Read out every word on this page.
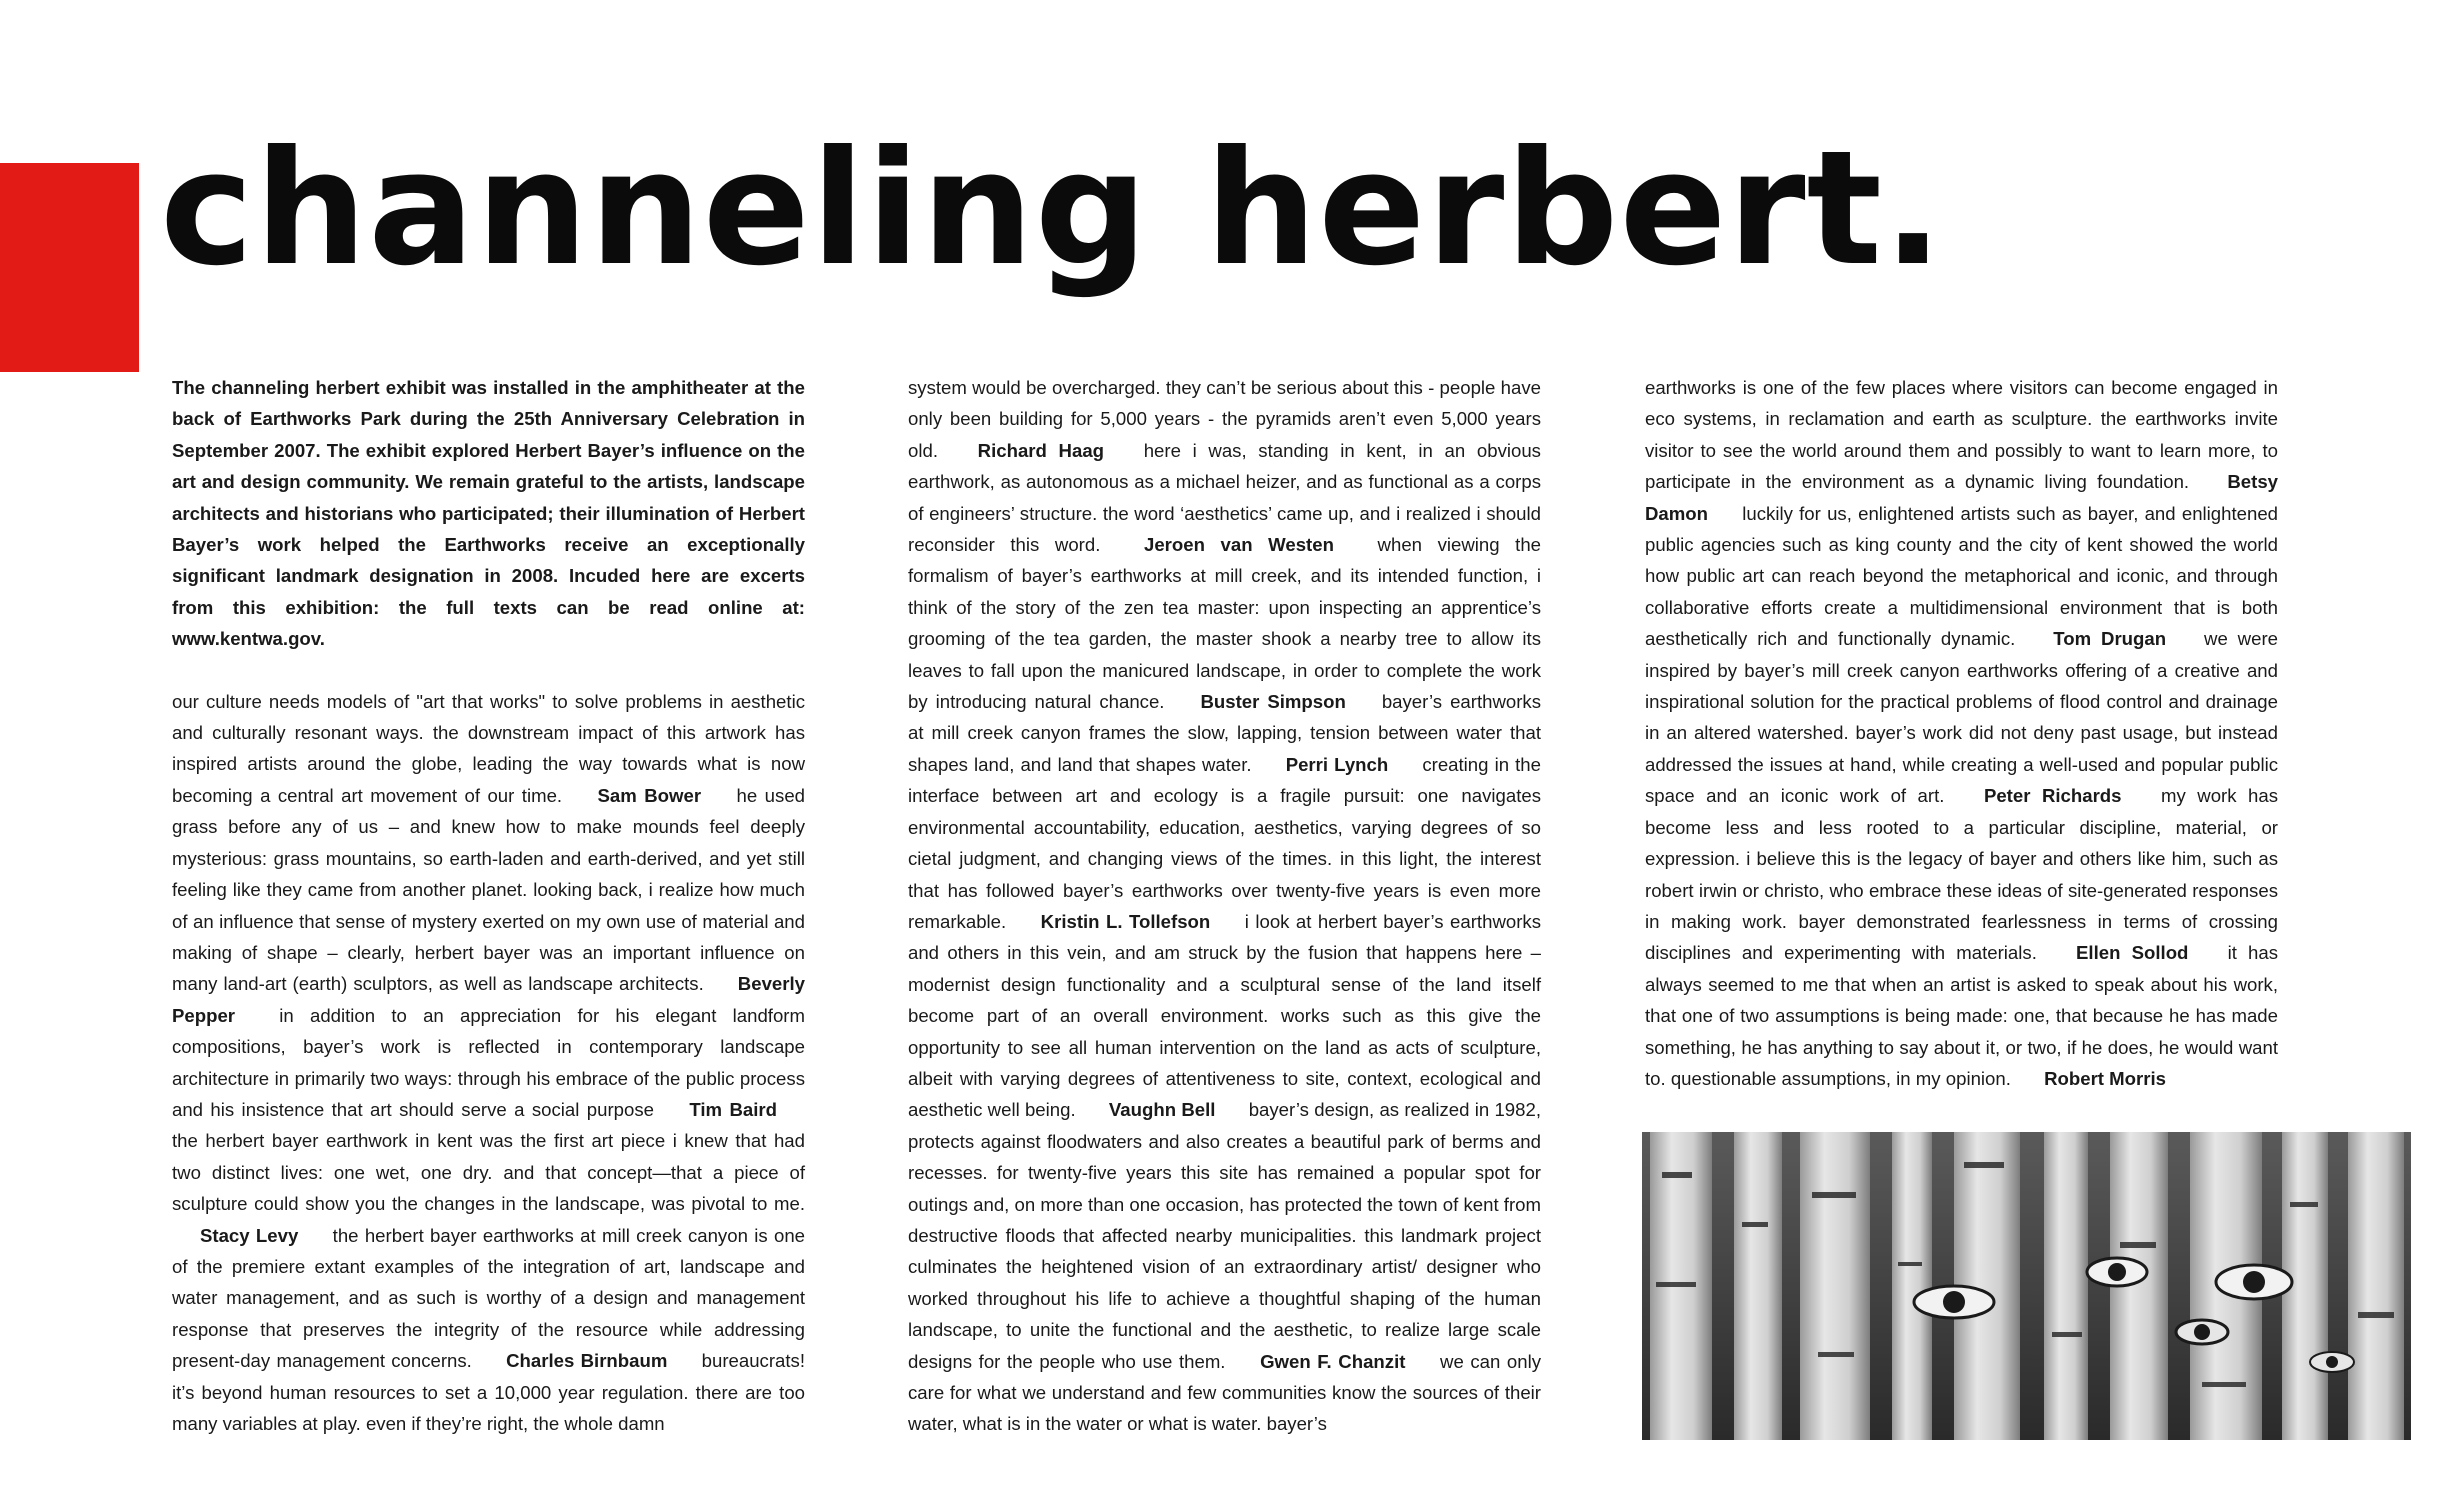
channeling herbert.

The channeling herbert exhibit was installed in the amphitheater at the back of Earthworks Park during the 25th Anniversary Celebration in September 2007. The exhibit explored Herbert Bayer’s influence on the art and design community. We remain grateful to the artists, landscape architects and historians who participated; their illumination of Herbert Bayer’s work helped the Earthworks receive an exceptionally significant landmark designation in 2008. Incuded here are excerts from this exhibition: the full texts can be read online at: www.kentwa.gov.

our culture needs models of "art that works" to solve problems in aesthetic and culturally resonant ways. the downstream impact of this artwork has inspired artists around the globe, leading the way towards what is now becoming a central art movement of our time. Sam Bower he used grass before any of us – and knew how to make mounds feel deeply mysterious: grass mountains, so earth-laden and earth-derived, and yet still feeling like they came from another planet. looking back, i realize how much of an influence that sense of mystery exerted on my own use of material and making of shape – clearly, herbert bayer was an important influence on many land-art (earth) sculptors, as well as landscape architects. Beverly Pepper in addition to an appreciation for his elegant landform compositions, bayer’s work is reflected in contemporary landscape architecture in primarily two ways: through his embrace of the public process and his insistence that art should serve a social purpose Tim Baird the herbert bayer earthwork in kent was the first art piece i knew that had two distinct lives: one wet, one dry. and that concept—that a piece of sculpture could show you the changes in the landscape, was pivotal to me. Stacy Levy the herbert bayer earthworks at mill creek canyon is one of the premiere extant examples of the integration of art, landscape and water management, and as such is worthy of a design and management response that preserves the integrity of the resource while addressing present-day management concerns. Charles Birnbaum bureaucrats! it’s beyond human resources to set a 10,000 year regulation. there are too many variables at play. even if they’re right, the whole damn

system would be overcharged. they can’t be serious about this - people have only been building for 5,000 years - the pyramids aren’t even 5,000 years old. Richard Haag here i was, standing in kent, in an obvious earthwork, as autonomous as a michael heizer, and as functional as a corps of engineers’ structure. the word ‘aesthetics’ came up, and i realized i should reconsider this word. Jeroen van Westen when viewing the formalism of bayer’s earthworks at mill creek, and its intended function, i think of the story of the zen tea master: upon inspecting an apprentice’s grooming of the tea garden, the master shook a nearby tree to allow its leaves to fall upon the manicured landscape, in order to complete the work by introducing natural chance. Buster Simpson bayer’s earthworks at mill creek canyon frames the slow, lapping, tension between water that shapes land, and land that shapes water. Perri Lynch creating in the interface between art and ecology is a fragile pursuit: one navigates environmental accountability, education, aesthetics, varying degrees of so cietal judgment, and changing views of the times. in this light, the interest that has followed bayer’s earthworks over twenty-five years is even more remarkable. Kristin L. Tollefson i look at herbert bayer’s earthworks and others in this vein, and am struck by the fusion that happens here – modernist design functionality and a sculptural sense of the land itself become part of an overall environment. works such as this give the opportunity to see all human intervention on the land as acts of sculpture, albeit with varying degrees of attentiveness to site, context, ecological and aesthetic well being. Vaughn Bell bayer’s design, as realized in 1982, protects against floodwaters and also creates a beautiful park of berms and recesses. for twenty-five years this site has remained a popular spot for outings and, on more than one occasion, has protected the town of kent from destructive floods that affected nearby municipalities. this landmark project culminates the heightened vision of an extraordinary artist/ designer who worked throughout his life to achieve a thoughtful shaping of the human landscape, to unite the functional and the aesthetic, to realize large scale designs for the people who use them. Gwen F. Chanzit we can only care for what we understand and few communities know the sources of their water, what is in the water or what is water. bayer’s

earthworks is one of the few places where visitors can become engaged in eco systems, in reclamation and earth as sculpture. the earthworks invite visitor to see the world around them and possibly to want to learn more, to participate in the environment as a dynamic living foundation. Betsy Damon luckily for us, enlightened artists such as bayer, and enlightened public agencies such as king county and the city of kent showed the world how public art can reach beyond the metaphorical and iconic, and through collaborative efforts create a multidimensional environment that is both aesthetically rich and functionally dynamic. Tom Drugan we were inspired by bayer’s mill creek canyon earthworks offering of a creative and inspirational solution for the practical problems of flood control and drainage in an altered watershed. bayer’s work did not deny past usage, but instead addressed the issues at hand, while creating a well-used and popular public space and an iconic work of art. Peter Richards my work has become less and less rooted to a particular discipline, material, or expression. i believe this is the legacy of bayer and others like him, such as robert irwin or christo, who embrace these ideas of site-generated responses in making work. bayer demonstrated fearlessness in terms of crossing disciplines and experimenting with materials. Ellen Sollod it has always seemed to me that when an artist is asked to speak about his work, that one of two assumptions is being made: one, that because he has made something, he has anything to say about it, or two, if he does, he would want to. questionable assumptions, in my opinion. Robert Morris
